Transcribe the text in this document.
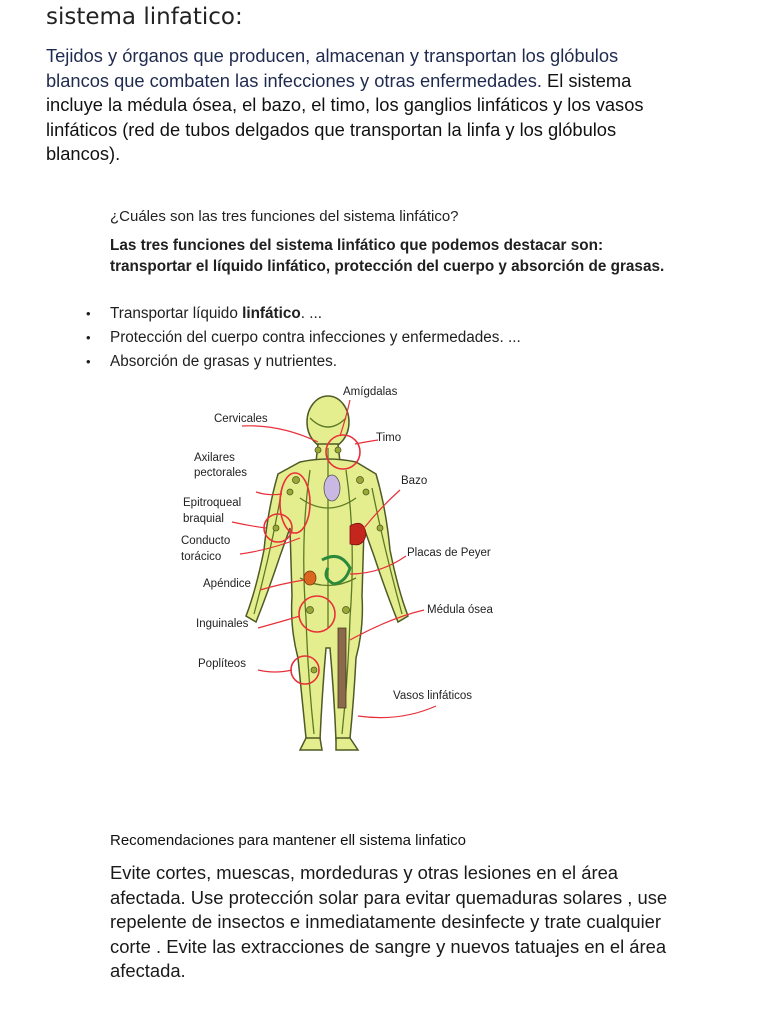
sistema linfatico:
Tejidos y órganos que producen, almacenan y transportan los glóbulos blancos que combaten las infecciones y otras enfermedades. El sistema incluye la médula ósea, el bazo, el timo, los ganglios linfáticos y los vasos linfáticos (red de tubos delgados que transportan la linfa y los glóbulos blancos).
¿Cuáles son las tres funciones del sistema linfático?
Las tres funciones del sistema linfático que podemos destacar son: transportar el líquido linfático, protección del cuerpo y absorción de grasas.
• Transportar líquido linfático. ...
• Protección del cuerpo contra infecciones y enfermedades. ...
• Absorción de grasas y nutrientes.
Amígdalas
Cervicales
Timo
Axilares
pectorales
Bazo
Epitroqueal
braquial
Conducto
torácico	Placas de Peyer
Apéndice
Médula ósea
Inguinales
Poplíteos
Vasos linfáticos
Recomendaciones para mantener ell sistema linfatico
Evite cortes, muescas, mordeduras y otras lesiones en el área afectada. Use protección solar para evitar quemaduras solares , use repelente de insectos e inmediatamente desinfecte y trate cualquier corte . Evite las extracciones de sangre y nuevos tatuajes en el área afectada.
